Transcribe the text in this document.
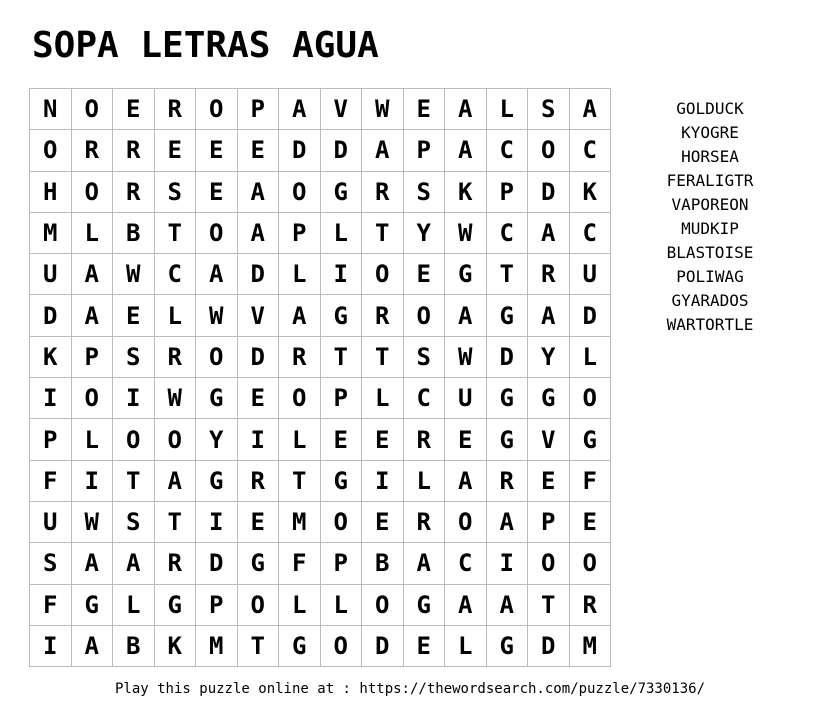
SOPA LETRAS AGUA
N	O	E	R	O	P	A	V	W	E	A	L	S	A
O	R	R	E	E	E	D	D	A	P	A	C	O	C
H	O	R	S	E	A	O	G	R	S	K	P	D	K
M	L	B	T	O	A	P	L	T	Y	W	C	A	C
U	A	W	C	A	D	L	I	O	E	G	T	R	U
D	A	E	L	W	V	A	G	R	O	A	G	A	D
K	P	S	R	O	D	R	T	T	S	W	D	Y	L
I	O	I	W	G	E	O	P	L	C	U	G	G	O
P	L	O	O	Y	I	L	E	E	R	E	G	V	G
F	I	T	A	G	R	T	G	I	L	A	R	E	F
U	W	S	T	I	E	M	O	E	R	O	A	P	E
S	A	A	R	D	G	F	P	B	A	C	I	O	O
F	G	L	G	P	O	L	L	O	G	A	A	T	R
I	A	B	K	M	T	G	O	D	E	L	G	D	M
GOLDUCK
KYOGRE
HORSEA
FERALIGTR
VAPOREON
MUDKIP
BLASTOISE
POLIWAG
GYARADOS
WARTORTLE
Play this puzzle online at : https://thewordsearch.com/puzzle/7330136/
